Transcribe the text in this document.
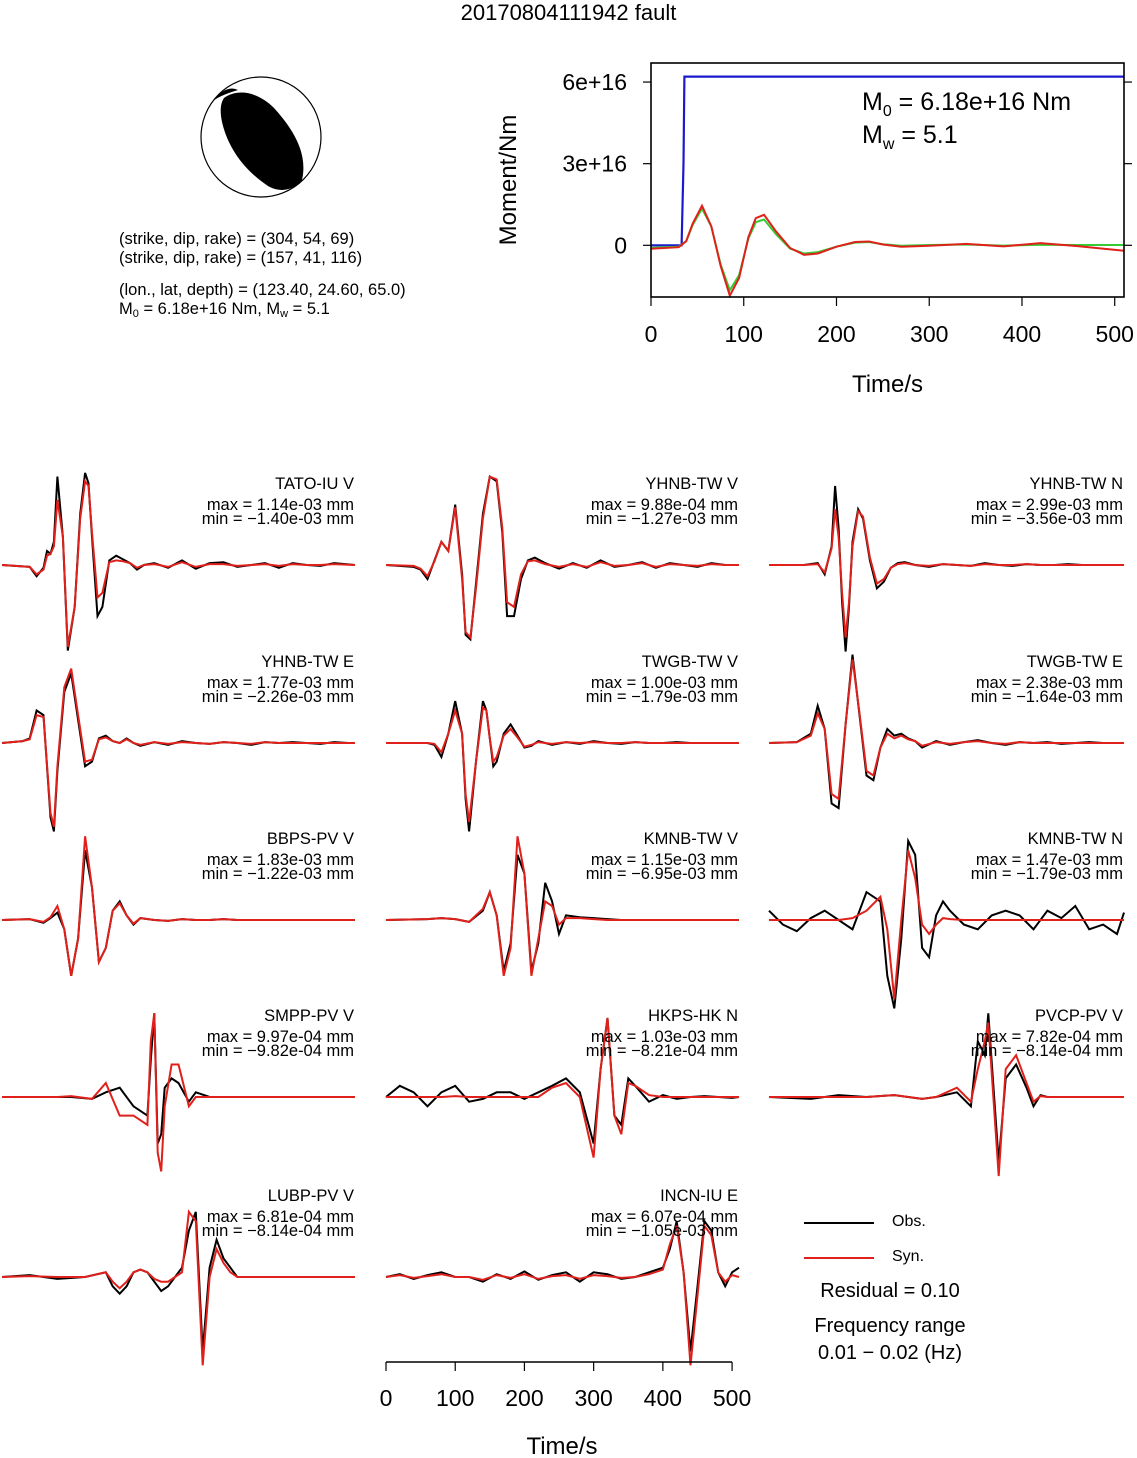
20170804111942 fault
(strike, dip, rake) = (304, 54, 69)
(strike, dip, rake) = (157, 41, 116)
(lon., lat, depth) = (123.40, 24.60, 65.0)
$M_0 = 6.18e+16$ Nm, $M_w = 5.1$
0
3e+16
6e+16
0	100 200 300 400 500
Time/s
Moment/Nm
$M_0 = 6.18e+16$ Nm
$M_w = 5.1$
TATO-IU V
max = 1.14e-03 mm
min = −1.40e-03 mm
YHNB-TW V
max = 9.88e-04 mm
min = −1.27e-03 mm
YHNB-TW N
max = 2.99e-03 mm
min = −3.56e-03 mm
YHNB-TW E
max = 1.77e-03 mm
min = −2.26e-03 mm
TWGB-TW V
max = 1.00e-03 mm
min = −1.79e-03 mm
TWGB-TW E
max = 2.38e-03 mm
min = −1.64e-03 mm
BBPS-PV V
max = 1.83e-03 mm
min = −1.22e-03 mm
KMNB-TW V
max = 1.15e-03 mm
min = −6.95e-03 mm
KMNB-TW N
max = 1.47e-03 mm
min = −1.79e-03 mm
SMPP-PV V
max = 9.97e-04 mm
min = −9.82e-04 mm
HKPS-HK N
max = 1.03e-03 mm
min = −8.21e-04 mm
PVCP-PV V
max = 7.82e-04 mm
min = −8.14e-04 mm
LUBP-PV V
max = 6.81e-04 mm
min = −8.14e-04 mm
INCN-IU E
max = 6.07e-04 mm
min = −1.05e-03 mm
0 100 200 300 400 500
Time/s
Obs.
Syn.
Residual = 0.10
Frequency range
0.01 − 0.02 (Hz)
